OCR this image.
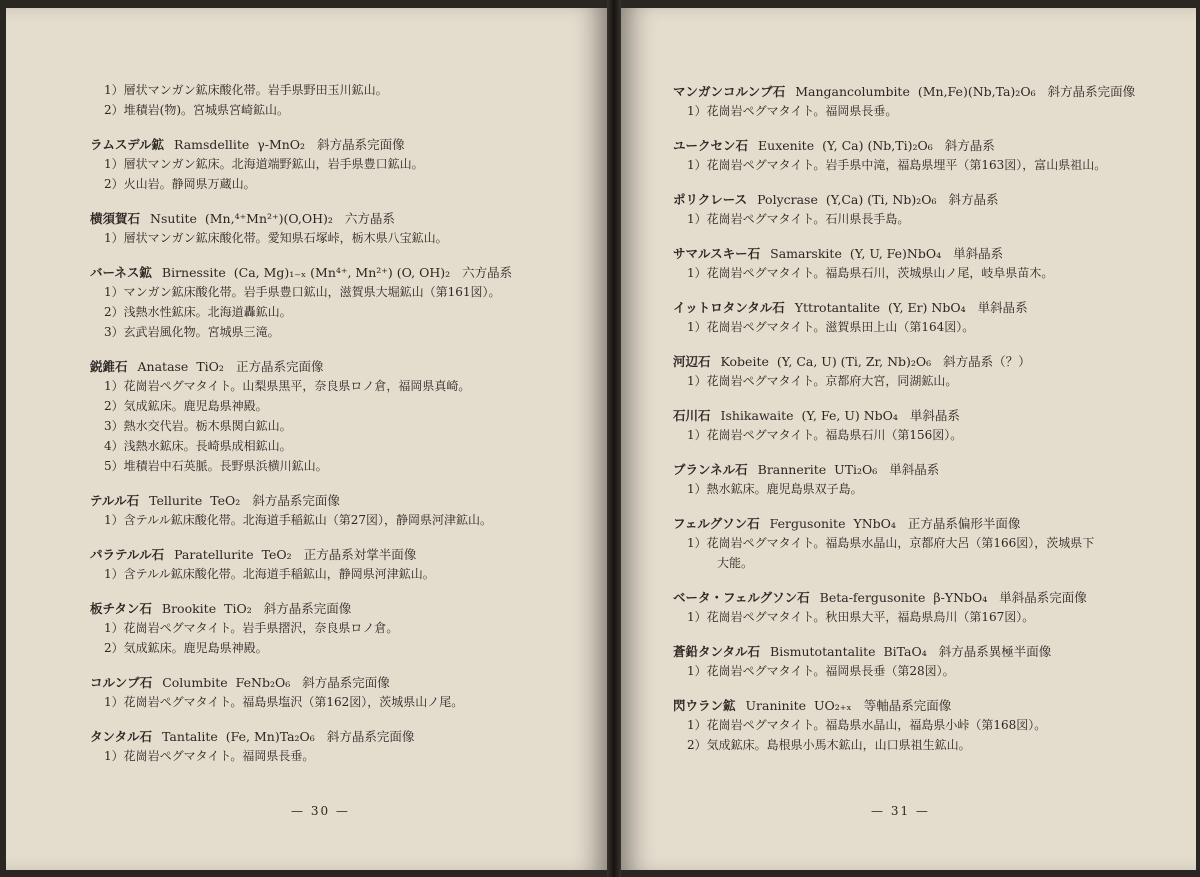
1）層状マンガン鉱床酸化帯。岩手県野田玉川鉱山。
2）堆積岩(物)。宮城県宮崎鉱山。
ラムスデル鉱 Ramsdellite γ-MnO₂ 斜方晶系完面像
1）層状マンガン鉱床。北海道端野鉱山，岩手県豊口鉱山。
2）火山岩。静岡県万蔵山。
横須賀石 Nsutite (Mn,⁴⁺Mn²⁺)(O,OH)₂ 六方晶系
1）層状マンガン鉱床酸化帯。愛知県石塚峠，栃木県八宝鉱山。
バーネス鉱 Birnessite (Ca, Mg)₁₋ₓ (Mn⁴⁺, Mn²⁺) (O, OH)₂ 六方晶系
1）マンガン鉱床酸化帯。岩手県豊口鉱山，滋賀県大堀鉱山（第161図）。
2）浅熱水性鉱床。北海道轟鉱山。
3）玄武岩風化物。宮城県三滝。
鋭錐石 Anatase TiO₂ 正方晶系完面像
1）花崗岩ペグマタイト。山梨県黒平，奈良県ロノ倉，福岡県真崎。
2）気成鉱床。鹿児島県神殿。
3）熱水交代岩。栃木県関白鉱山。
4）浅熱水鉱床。長崎県成相鉱山。
5）堆積岩中石英脈。長野県浜横川鉱山。
テルル石 Tellurite TeO₂ 斜方晶系完面像
1）含テルル鉱床酸化帯。北海道手稲鉱山（第27図），静岡県河津鉱山。
パラテルル石 Paratellurite TeO₂ 正方晶系対掌半面像
1）含テルル鉱床酸化帯。北海道手稲鉱山，静岡県河津鉱山。
板チタン石 Brookite TiO₂ 斜方晶系完面像
1）花崗岩ペグマタイト。岩手県摺沢，奈良県ロノ倉。
2）気成鉱床。鹿児島県神殿。
コルンブ石 Columbite FeNb₂O₆ 斜方晶系完面像
1）花崗岩ペグマタイト。福島県塩沢（第162図），茨城県山ノ尾。
タンタル石 Tantalite (Fe, Mn)Ta₂O₆ 斜方晶系完面像
1）花崗岩ペグマタイト。福岡県長垂。
— 30 —
マンガンコルンブ石 Mangancolumbite (Mn,Fe)(Nb,Ta)₂O₆ 斜方晶系完面像
1）花崗岩ペグマタイト。福岡県長垂。
ユークセン石 Euxenite (Y, Ca) (Nb,Ti)₂O₆ 斜方晶系
1）花崗岩ペグマタイト。岩手県中滝，福島県埋平（第163図），富山県祖山。
ポリクレース Polycrase (Y,Ca) (Ti, Nb)₂O₆ 斜方晶系
1）花崗岩ペグマタイト。石川県長手島。
サマルスキー石 Samarskite (Y, U, Fe)NbO₄ 単斜晶系
1）花崗岩ペグマタイト。福島県石川，茨城県山ノ尾，岐阜県苗木。
イットロタンタル石 Yttrotantalite (Y, Er) NbO₄ 単斜晶系
1）花崗岩ペグマタイト。滋賀県田上山（第164図）。
河辺石 Kobeite (Y, Ca, U) (Ti, Zr, Nb)₂O₆ 斜方晶系（？）
1）花崗岩ペグマタイト。京都府大宮，同湖鉱山。
石川石 Ishikawaite (Y, Fe, U) NbO₄ 単斜晶系
1）花崗岩ペグマタイト。福島県石川（第156図）。
ブランネル石 Brannerite UTi₂O₆ 単斜晶系
1）熱水鉱床。鹿児島県双子島。
フェルグソン石 Fergusonite YNbO₄ 正方晶系偏形半面像
1）花崗岩ペグマタイト。福島県水晶山，京都府大呂（第166図），茨城県下
大能。
ベータ・フェルグソン石 Beta-fergusonite β-YNbO₄ 単斜晶系完面像
1）花崗岩ペグマタイト。秋田県大平，福島県鳥川（第167図）。
蒼鉛タンタル石 Bismutotantalite BiTaO₄ 斜方晶系異極半面像
1）花崗岩ペグマタイト。福岡県長垂（第28図）。
閃ウラン鉱 Uraninite UO₂₊ₓ 等軸晶系完面像
1）花崗岩ペグマタイト。福島県水晶山，福島県小峠（第168図）。
2）気成鉱床。島根県小馬木鉱山，山口県祖生鉱山。
— 31 —
